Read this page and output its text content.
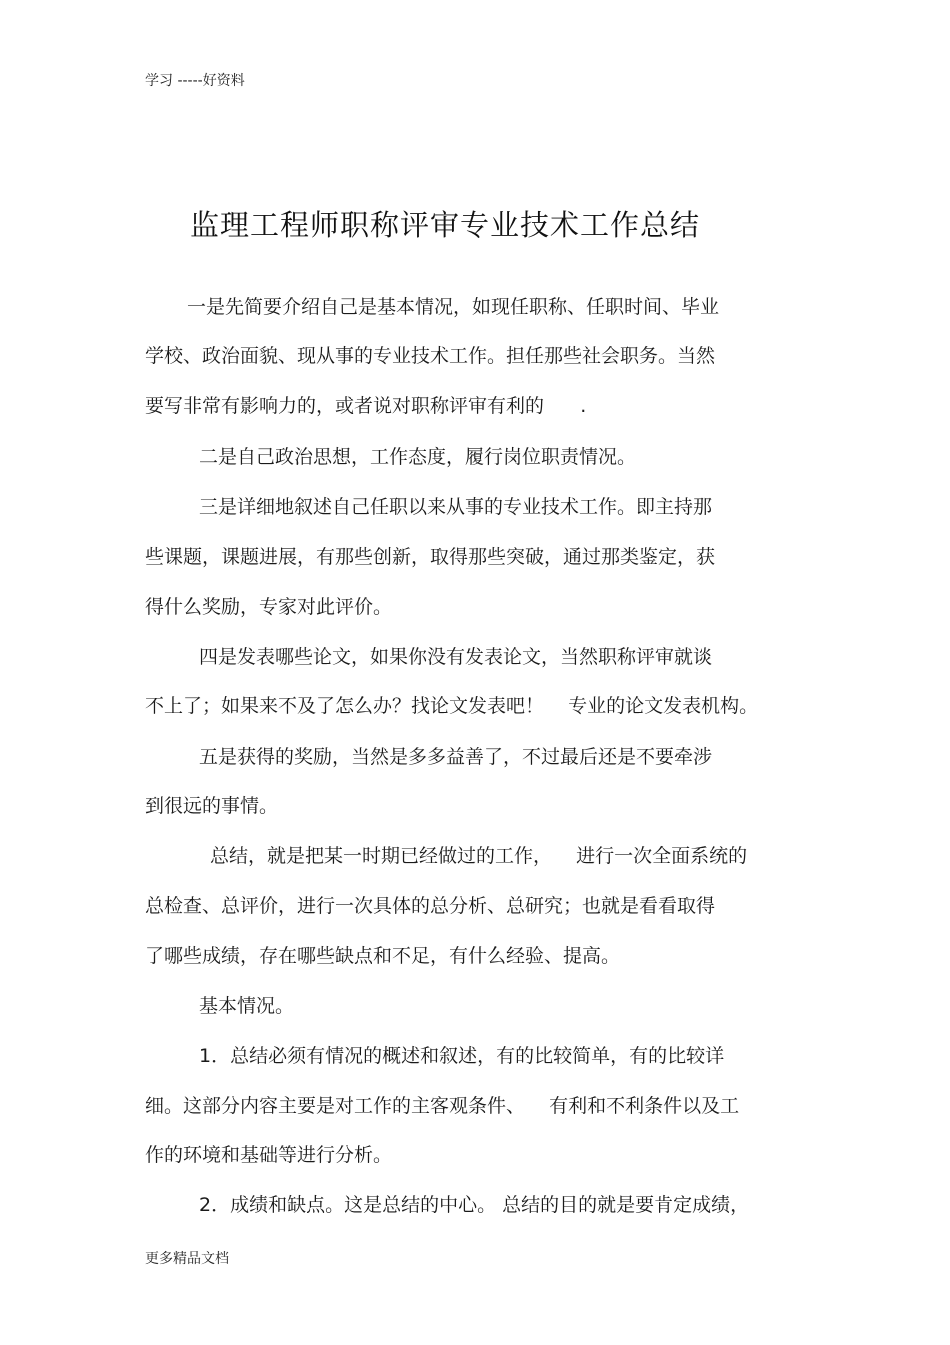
学习 -----好资料
监理工程师职称评审专业技术工作总结
一是先简要介绍自己是基本情况，如现任职称、任职时间、毕业
学校、政治面貌、现从事的专业技术工作。担任那些社会职务。当然
要写非常有影响力的，或者说对职称评审有利的      .
二是自己政治思想，工作态度，履行岗位职责情况。
三是详细地叙述自己任职以来从事的专业技术工作。即主持那
些课题，课题进展，有那些创新，取得那些突破，通过那类鉴定，获
得什么奖励，专家对此评价。
四是发表哪些论文，如果你没有发表论文，当然职称评审就谈
不上了；如果来不及了怎么办？找论文发表吧！    专业的论文发表机构。
五是获得的奖励，当然是多多益善了，不过最后还是不要牵涉
到很远的事情。
总结，就是把某一时期已经做过的工作，    进行一次全面系统的
总检查、总评价，进行一次具体的总分析、总研究；也就是看看取得
了哪些成绩，存在哪些缺点和不足，有什么经验、提高。
基本情况。
1．总结必须有情况的概述和叙述，有的比较简单，有的比较详
细。这部分内容主要是对工作的主客观条件、    有利和不利条件以及工
作的环境和基础等进行分析。
2．成绩和缺点。这是总结的中心。 总结的目的就是要肯定成绩，
更多精品文档
